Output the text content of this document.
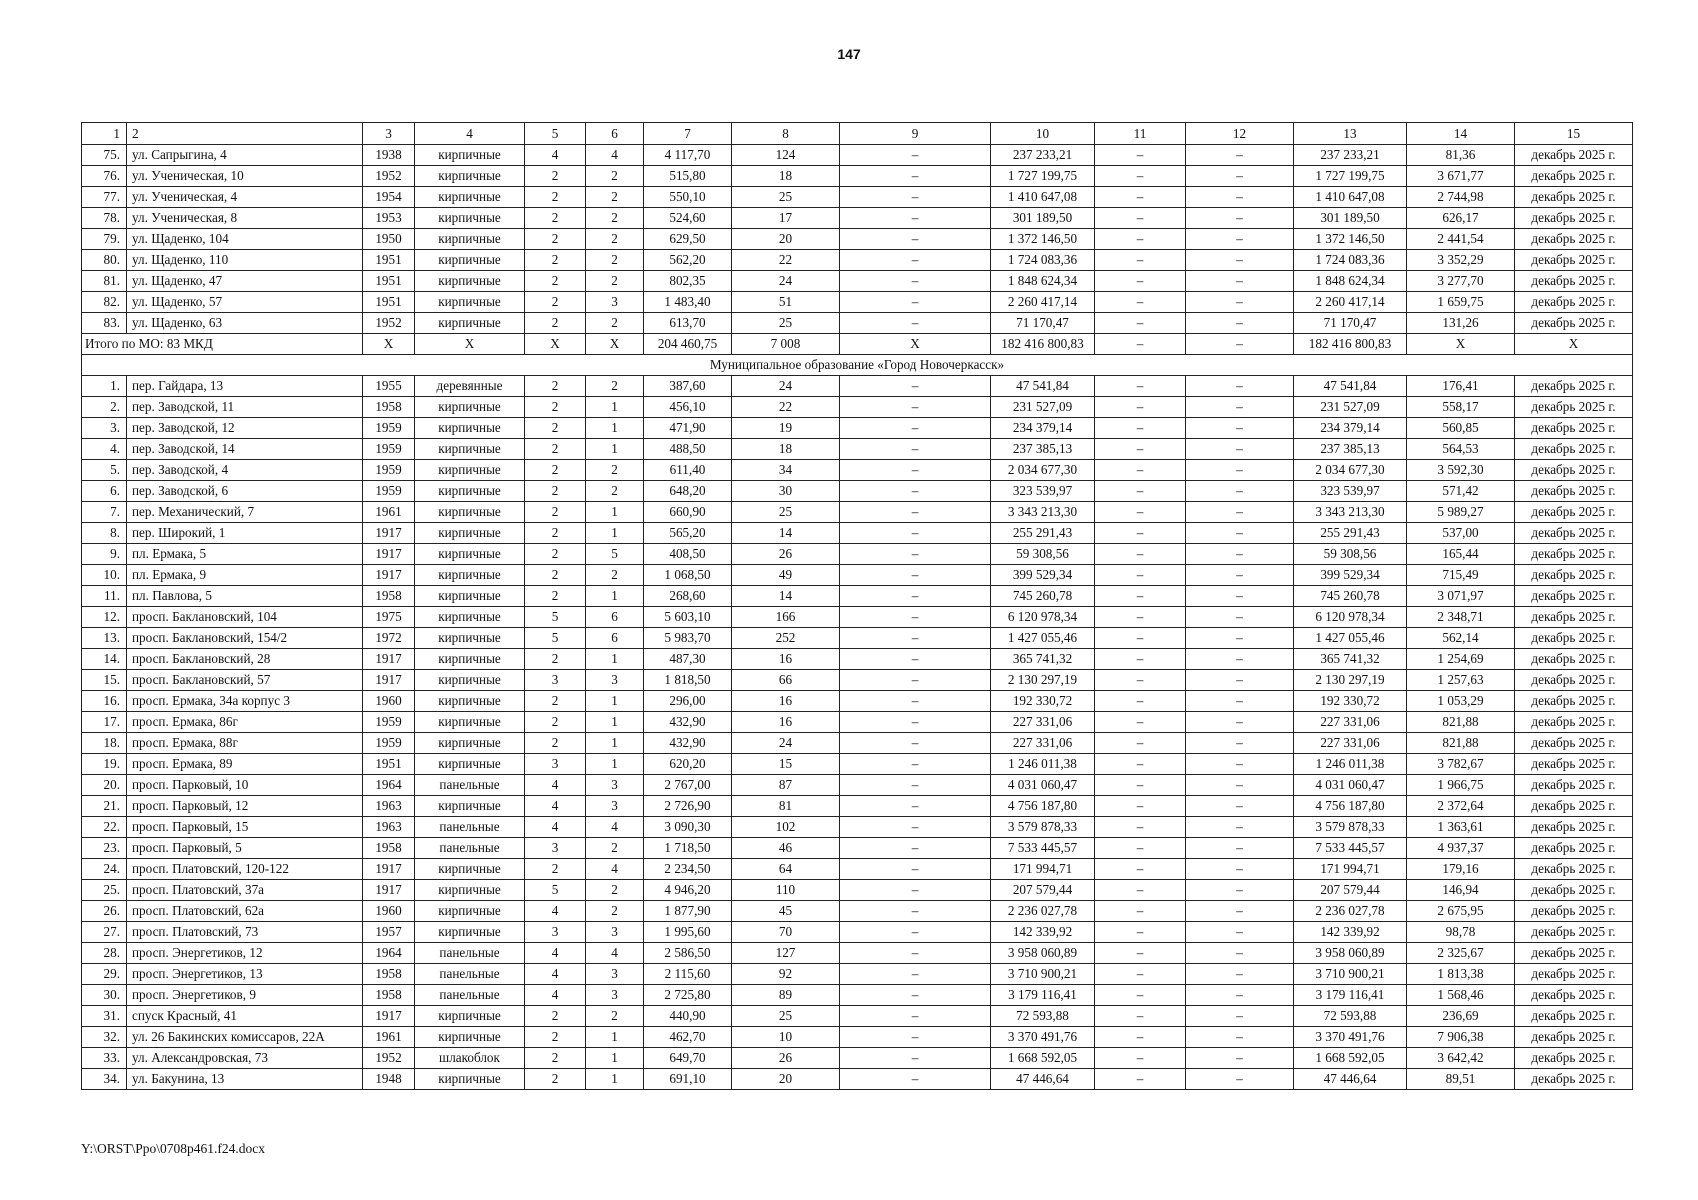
147
1	2	3	4	5	6	7	8	9	10	11	12	13	14	15
75.	ул. Сапрыгина, 4	1938	кирпичные	4	4	4 117,70	124	–	237 233,21	–	–	237 233,21	81,36	декабрь 2025 г.
76.	ул. Ученическая, 10	1952	кирпичные	2	2	515,80	18	–	1 727 199,75	–	–	1 727 199,75	3 671,77	декабрь 2025 г.
77.	ул. Ученическая, 4	1954	кирпичные	2	2	550,10	25	–	1 410 647,08	–	–	1 410 647,08	2 744,98	декабрь 2025 г.
78.	ул. Ученическая, 8	1953	кирпичные	2	2	524,60	17	–	301 189,50	–	–	301 189,50	626,17	декабрь 2025 г.
79.	ул. Щаденко, 104	1950	кирпичные	2	2	629,50	20	–	1 372 146,50	–	–	1 372 146,50	2 441,54	декабрь 2025 г.
80.	ул. Щаденко, 110	1951	кирпичные	2	2	562,20	22	–	1 724 083,36	–	–	1 724 083,36	3 352,29	декабрь 2025 г.
81.	ул. Щаденко, 47	1951	кирпичные	2	2	802,35	24	–	1 848 624,34	–	–	1 848 624,34	3 277,70	декабрь 2025 г.
82.	ул. Щаденко, 57	1951	кирпичные	2	3	1 483,40	51	–	2 260 417,14	–	–	2 260 417,14	1 659,75	декабрь 2025 г.
83.	ул. Щаденко, 63	1952	кирпичные	2	2	613,70	25	–	71 170,47	–	–	71 170,47	131,26	декабрь 2025 г.
Итого по МО: 83 МКД		X	X	X	X	204 460,75	7 008	X	182 416 800,83	–	–	182 416 800,83	X	X
Муниципальное образование «Город Новочеркасск»														
1.	пер. Гайдара, 13	1955	деревянные	2	2	387,60	24	–	47 541,84	–	–	47 541,84	176,41	декабрь 2025 г.
2.	пер. Заводской, 11	1958	кирпичные	2	1	456,10	22	–	231 527,09	–	–	231 527,09	558,17	декабрь 2025 г.
3.	пер. Заводской, 12	1959	кирпичные	2	1	471,90	19	–	234 379,14	–	–	234 379,14	560,85	декабрь 2025 г.
4.	пер. Заводской, 14	1959	кирпичные	2	1	488,50	18	–	237 385,13	–	–	237 385,13	564,53	декабрь 2025 г.
5.	пер. Заводской, 4	1959	кирпичные	2	2	611,40	34	–	2 034 677,30	–	–	2 034 677,30	3 592,30	декабрь 2025 г.
6.	пер. Заводской, 6	1959	кирпичные	2	2	648,20	30	–	323 539,97	–	–	323 539,97	571,42	декабрь 2025 г.
7.	пер. Механический, 7	1961	кирпичные	2	1	660,90	25	–	3 343 213,30	–	–	3 343 213,30	5 989,27	декабрь 2025 г.
8.	пер. Широкий, 1	1917	кирпичные	2	1	565,20	14	–	255 291,43	–	–	255 291,43	537,00	декабрь 2025 г.
9.	пл. Ермака, 5	1917	кирпичные	2	5	408,50	26	–	59 308,56	–	–	59 308,56	165,44	декабрь 2025 г.
10.	пл. Ермака, 9	1917	кирпичные	2	2	1 068,50	49	–	399 529,34	–	–	399 529,34	715,49	декабрь 2025 г.
11.	пл. Павлова, 5	1958	кирпичные	2	1	268,60	14	–	745 260,78	–	–	745 260,78	3 071,97	декабрь 2025 г.
12.	просп. Баклановский, 104	1975	кирпичные	5	6	5 603,10	166	–	6 120 978,34	–	–	6 120 978,34	2 348,71	декабрь 2025 г.
13.	просп. Баклановский, 154/2	1972	кирпичные	5	6	5 983,70	252	–	1 427 055,46	–	–	1 427 055,46	562,14	декабрь 2025 г.
14.	просп. Баклановский, 28	1917	кирпичные	2	1	487,30	16	–	365 741,32	–	–	365 741,32	1 254,69	декабрь 2025 г.
15.	просп. Баклановский, 57	1917	кирпичные	3	3	1 818,50	66	–	2 130 297,19	–	–	2 130 297,19	1 257,63	декабрь 2025 г.
16.	просп. Ермака, 34а корпус 3	1960	кирпичные	2	1	296,00	16	–	192 330,72	–	–	192 330,72	1 053,29	декабрь 2025 г.
17.	просп. Ермака, 86г	1959	кирпичные	2	1	432,90	16	–	227 331,06	–	–	227 331,06	821,88	декабрь 2025 г.
18.	просп. Ермака, 88г	1959	кирпичные	2	1	432,90	24	–	227 331,06	–	–	227 331,06	821,88	декабрь 2025 г.
19.	просп. Ермака, 89	1951	кирпичные	3	1	620,20	15	–	1 246 011,38	–	–	1 246 011,38	3 782,67	декабрь 2025 г.
20.	просп. Парковый, 10	1964	панельные	4	3	2 767,00	87	–	4 031 060,47	–	–	4 031 060,47	1 966,75	декабрь 2025 г.
21.	просп. Парковый, 12	1963	кирпичные	4	3	2 726,90	81	–	4 756 187,80	–	–	4 756 187,80	2 372,64	декабрь 2025 г.
22.	просп. Парковый, 15	1963	панельные	4	4	3 090,30	102	–	3 579 878,33	–	–	3 579 878,33	1 363,61	декабрь 2025 г.
23.	просп. Парковый, 5	1958	панельные	3	2	1 718,50	46	–	7 533 445,57	–	–	7 533 445,57	4 937,37	декабрь 2025 г.
24.	просп. Платовский, 120-122	1917	кирпичные	2	4	2 234,50	64	–	171 994,71	–	–	171 994,71	179,16	декабрь 2025 г.
25.	просп. Платовский, 37а	1917	кирпичные	5	2	4 946,20	110	–	207 579,44	–	–	207 579,44	146,94	декабрь 2025 г.
26.	просп. Платовский, 62а	1960	кирпичные	4	2	1 877,90	45	–	2 236 027,78	–	–	2 236 027,78	2 675,95	декабрь 2025 г.
27.	просп. Платовский, 73	1957	кирпичные	3	3	1 995,60	70	–	142 339,92	–	–	142 339,92	98,78	декабрь 2025 г.
28.	просп. Энергетиков, 12	1964	панельные	4	4	2 586,50	127	–	3 958 060,89	–	–	3 958 060,89	2 325,67	декабрь 2025 г.
29.	просп. Энергетиков, 13	1958	панельные	4	3	2 115,60	92	–	3 710 900,21	–	–	3 710 900,21	1 813,38	декабрь 2025 г.
30.	просп. Энергетиков, 9	1958	панельные	4	3	2 725,80	89	–	3 179 116,41	–	–	3 179 116,41	1 568,46	декабрь 2025 г.
31.	спуск Красный, 41	1917	кирпичные	2	2	440,90	25	–	72 593,88	–	–	72 593,88	236,69	декабрь 2025 г.
32.	ул. 26 Бакинских комиссаров, 22А	1961	кирпичные	2	1	462,70	10	–	3 370 491,76	–	–	3 370 491,76	7 906,38	декабрь 2025 г.
33.	ул. Александровская, 73	1952	шлакоблок	2	1	649,70	26	–	1 668 592,05	–	–	1 668 592,05	3 642,42	декабрь 2025 г.
34.	ул. Бакунина, 13	1948	кирпичные	2	1	691,10	20	–	47 446,64	–	–	47 446,64	89,51	декабрь 2025 г.
Y:\ORST\Ppo\0708p461.f24.docx
